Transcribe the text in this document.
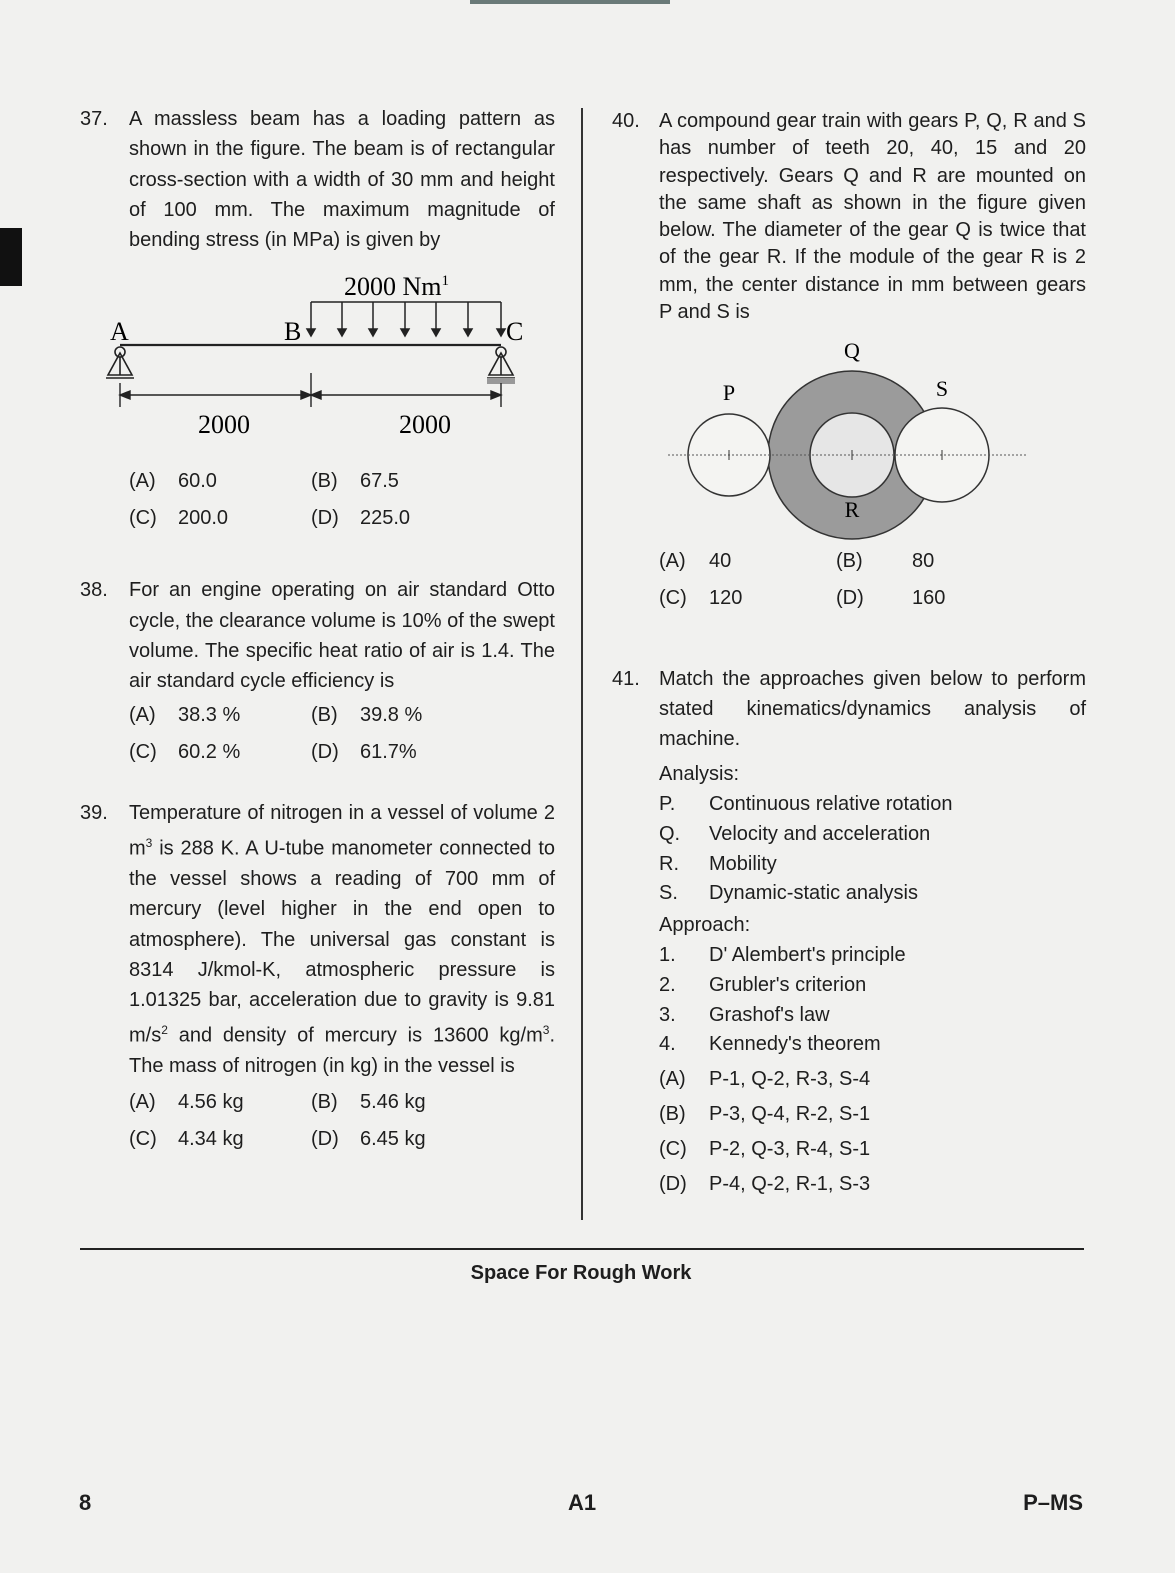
37. A massless beam has a loading pattern as shown in the figure. The beam is of rectangular cross-section with a width of 30 mm and height of 100 mm. The maximum magnitude of bending stress (in MPa) is given by
2000 Nm$^1$
A	B	C
2000	2000
(A)	60.0	(B)	67.5
(C)	200.0	(D)	225.0
38. For an engine operating on air standard Otto cycle, the clearance volume is 10% of the swept volume. The specific heat ratio of air is 1.4. The air standard cycle efficiency is
(A)	38.3 %	(B)	39.8 %
(C)	60.2 %	(D)	61.7%
39. Temperature of nitrogen in a vessel of volume 2 $m^3$ is 288 K. A U-tube manometer connected to the vessel shows a reading of 700 mm of mercury (level higher in the end open to atmosphere). The universal gas constant is 8314 J/kmol-K, atmospheric pressure is 1.01325 bar, acceleration due to gravity is 9.81 $m/s^2$ and density of mercury is 13600 $kg/m^3$. The mass of nitrogen (in kg) in the vessel is
(A)	4.56 kg	(B)	5.46 kg
(C)	4.34 kg	(D)	6.45 kg
40. A compound gear train with gears P, Q, R and S has number of teeth 20, 40, 15 and 20 respectively. Gears Q and R are mounted on the same shaft as shown in the figure given below. The diameter of the gear Q is twice that of the gear R. If the module of the gear R is 2 mm, the center distance in mm between gears P and S is
Q
P	S
R
(A)	40	(B)	80
(C)	120	(D)	160
41. Match the approaches given below to perform stated kinematics/dynamics analysis of machine.
Analysis:
P.	Continuous relative rotation
Q.	Velocity and acceleration
R.	Mobility
S.	Dynamic-static analysis
Approach:
1.	D' Alembert's principle
2.	Grubler's criterion
3.	Grashof's law
4.	Kennedy's theorem
(A)	P-1, Q-2, R-3, S-4
(B)	P-3, Q-4, R-2, S-1
(C)	P-2, Q-3, R-4, S-1
(D)	P-4, Q-2, R-1, S-3
Space For Rough Work
8	A1	P–MS
